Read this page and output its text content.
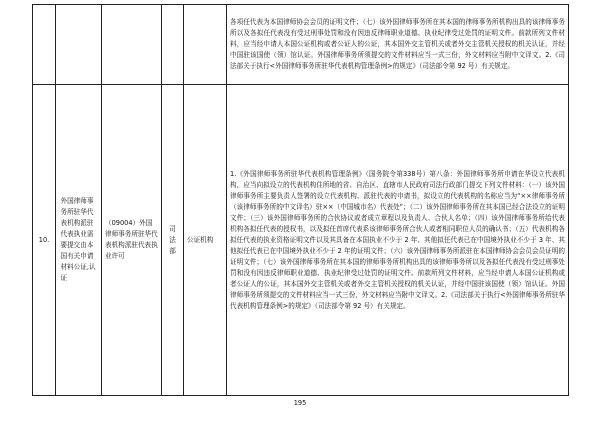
					各项任代表为本国律师协会会员的证明文件；（七）该外国律师事务所在其本国的律师事务所机构出具的该律师事务所以及各拟任代表没有受过刑事处罚和没有因违反律师职业道德、执业纪律受过处罚的证明文件。前款所列文件材料，应当经申请人本国公证机构或者公证人的公证，其本国外交主管机关或者外交主管机关授权的机关认证，并经中国驻该国使（领）馆认证。外国律师事务所须提交的文件材料应当一式三份，外文材料应当附中文译文。2.《司法部关于执行<外国律师事务所驻华代表机构管理条例>的规定》（司法部令第 92 号）有关规定。

10.	外国律师事务所驻华代表机构派驻代表执业需要提交由本国有关申请材料公证,认证	（09004）外国律师事务所驻华代表机构派驻代表执业许可	司法部	公证机构	1.《外国律师事务所驻华代表机构管理条例》（国务院令第338号）第八条：外国律师事务所申请在华设立代表机构，应当向拟设立的代表机构住所地的省、自治区、直辖市人民政府司法行政部门提交下列文件材料：（一）该外国律师事务所主要负责人签署的设立代表机构、派驻代表的申请书，拟设立的代表机构的名称应当为“××律师事务所（该律师事务所的中文译名）驻××（中国城市名）代表处”；（二）该外国律师事务所在其本国已经合法设立的证明文件；（三）该外国律师事务所的合伙协议或者成立章程以及负责人、合伙人名单；（四）该外国律师事务所给代表机构各拟任代表的授权书，以及拟任首席代表系该律师事务所合伙人或者相同职位人员的确认书；（五）代表机构各拟任代表的执业资格证明文件以及其具备在本国执业不少于 2 年、其他拟任代表已在中国境外执业不少于 3 年、其他拟任代表已在中国境外执业不少于 2 年的证明文件；（六）该外国律师事务所派驻在本国律师协会会员会员证明的证明文件；（七）该外国律师事务所在其本国的律师事务所机构出具的该律师事务所以及各拟任代表没有受过刑事处罚和没有因违反律师职业道德、执业纪律受过处罚的证明文件。前款所列文件材料，应当经申请人本国公证机构或者公证人的公证，其本国外交主管机关或者外交主管机关授权的机关认证，并经中国驻该国使（领）馆认证。外国律师事务所须提交的文件材料应当一式三份，外文材料应当附中文译文。2.《司法部关于执行<外国律师事务所驻华代表机构管理条例>的规定》（司法部令第 92 号）有关规定。
195
